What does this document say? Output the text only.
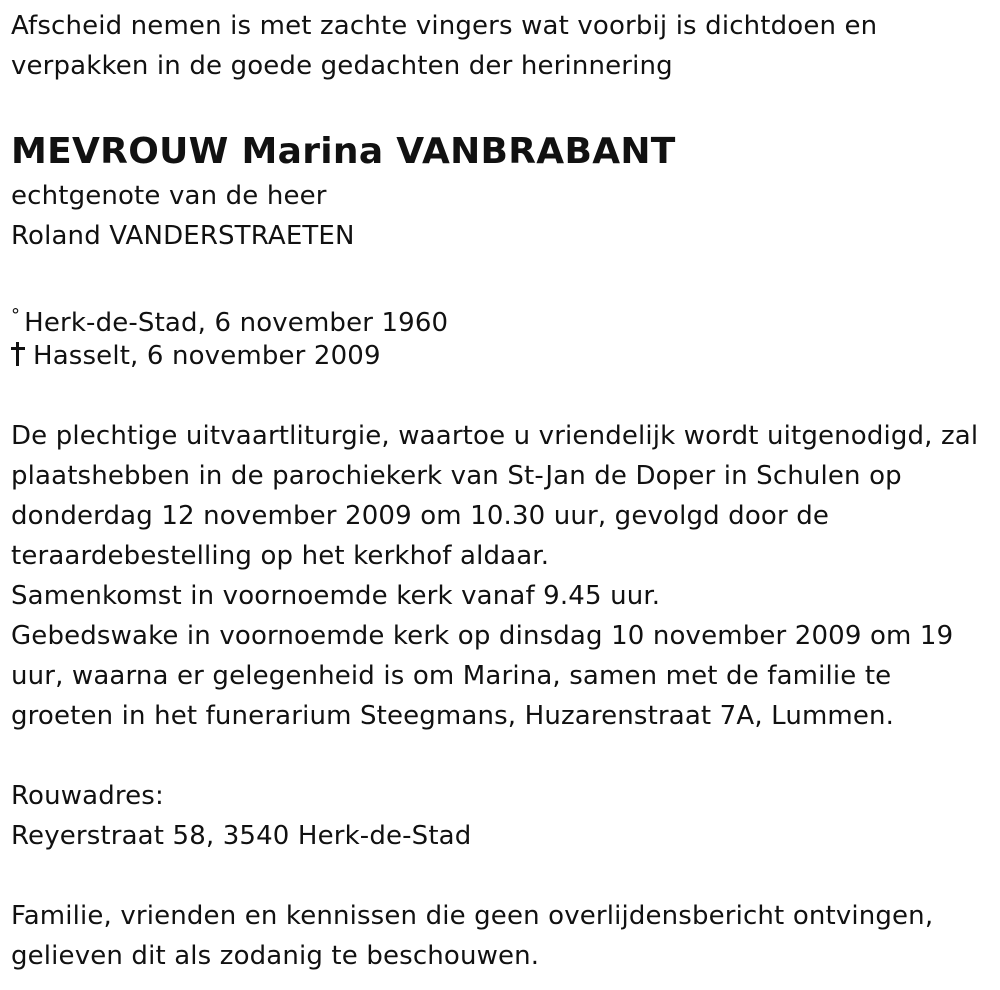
Afscheid nemen is met zachte vingers wat voorbij is dichtdoen en
verpakken in de goede gedachten der herinnering
MEVROUW Marina VANBRABANT
echtgenote van de heer
Roland VANDERSTRAETEN
° Herk-de-Stad, 6 november 1960
Hasselt, 6 november 2009
De plechtige uitvaartliturgie, waartoe u vriendelijk wordt uitgenodigd, zal
plaatshebben in de parochiekerk van St-Jan de Doper in Schulen op
donderdag 12 november 2009 om 10.30 uur, gevolgd door de
teraardebestelling op het kerkhof aldaar.
Samenkomst in voornoemde kerk vanaf 9.45 uur.
Gebedswake in voornoemde kerk op dinsdag 10 november 2009 om 19
uur, waarna er gelegenheid is om Marina, samen met de familie te
groeten in het funerarium Steegmans, Huzarenstraat 7A, Lummen.
Rouwadres:
Reyerstraat 58, 3540 Herk-de-Stad
Familie, vrienden en kennissen die geen overlijdensbericht ontvingen,
gelieven dit als zodanig te beschouwen.
